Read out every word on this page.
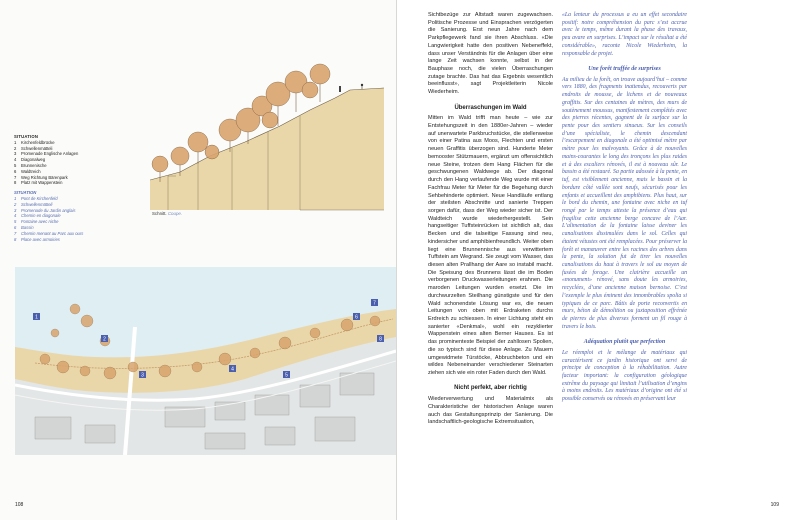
SITUATION
1 Kirchenfeldbrücke
2 Schwellenmätteli
3 Promenade Englische Anlagen
4 Diagonalweg
5 Brunnenische
6 Waldtreich
7 Weg Richtung Bärenpark
8 Platz mit Wappenstein
SITUATION
1 Pont de Kirchenfeld
2 Schwellenmätteli
3 Promenade du Jardin anglais
4 Chemin en diagonale
5 Fontaine avec niche
6 Bassin
7 Chemin menant au Parc aux ours
8 Place avec armoiries
Schnitt. Coupe.
1
2
3
4
5
6
7
8
108	109

Sichtbezüge zur Altstadt waren zugewachsen. Politische Prozesse und Einsprachen verzögerten die Sanierung. Erst neun Jahre nach dem Parkpflegewerk fand sie ihren Abschluss. «Die Langwierigkeit hatte den positiven Nebeneffekt, dass unser Verständnis für die Anlagen über eine lange Zeit wachsen konnte, selbst in der Bauphase noch, die vielen Überraschungen zutage brachte. Das hat das Ergebnis wesentlich beeinflusst», sagt Projektleiterin Nicole Wiederheim.

Überraschungen im Wald

Mitten im Wald trifft man heute – wie zur Entstehungszeit in den 1880er-Jahren – wieder auf unerwartete Parkbruchstücke, die stellenweise von einer Patina aus Moos, Flechten und ersten neuen Graffitis überzogen sind. Hunderte Meter bemooster Stützmauern, ergänzt um offensichtlich neue Steine, trotzen dem Hang Flächen für die geschwungenen Waldwege ab. Der diagonal durch den Hang verlaufende Weg wurde mit einer Fachfrau Meter für Meter für die Begehung durch Sehbehinderte optimiert. Neue Handläufe entlang der steilsten Abschnitte und sanierte Treppen sorgen dafür, dass der Weg wieder sicher ist. Der Waldteich wurde wiederhergestellt. Sein hangseitiger Tuffsteinrücken ist sichtlich alt, das Becken und die talseitige Fassung sind neu, kindersicher und amphibienfreundlich. Weiter oben liegt eine Brunnennische aus verwittertem Tuffstein am Wegrand. Sie zeugt vom Wasser, das diesen alten Prallhang der Aare so instabil macht. Die Speisung des Brunnens lässt die im Boden verborgenen Druckwasserleitungen erahnen. Die maroden Leitungen wurden ersetzt. Die im durchwurzelten Steilhang günstigste und für den Wald schonendste Lösung war es, die neuen Leitungen von oben mit Erdraketen durchs Erdreich zu schiessen. In einer Lichtung steht ein sanierter «Denkmal», wohl ein rezyklierter Wappenstein eines alten Berner Hauses. Es ist das prominenteste Beispiel der zahllosen Spolien, die so typisch sind für diese Anlage. Zu Mauern umgewidmete Türstöcke, Abbruchbeton und ein wildes Nebeneinander verschiedener Steinarten ziehen sich wie ein roter Faden durch den Wald.

Nicht perfekt, aber richtig

Wiederverwertung und Materialmix als Charakteristiche der historischen Anlage waren auch das Gestaltungsprinzip der Sanierung. Die landschaftlich-geologische Extremsituation,

«La lenteur du processus a eu un effet secondaire positif: notre compréhension du parc s’est accrue avec le temps, même durant la phase des travaux, peu avare en surprises. L’impact sur le résultat a été considérable», raconte Nicole Wiederheim, la responsable de projet.

Une forêt truffée de surprises

Au milieu de la forêt, on trouve aujourd’hui – comme vers 1880, des fragments inattendus, recouverts par endroits de mousse, de lichens et de nouveaux graffitis. Sur des centaines de mètres, des murs de soutènement moussus, manifestement complétés avec des pierres récentes, gagnent de la surface sur la pente pour des sentiers sinueux. Sur les conseils d’une spécialiste, le chemin descendant l’escarpement en diagonale a été optimisé mètre par mètre pour les malvoyants. Grâce à de nouvelles mains-courantes le long des tronçons les plus raides et à des escaliers rénovés, il est à nouveau sûr. Le bassin a été restauré. Sa partie adossée à la pente, en tuf, est visiblement ancienne, mais le bassin et la bordure côté vallée sont neufs, sécurisés pour les enfants et accueillent des amphibiens. Plus haut, sur le bord du chemin, une fontaine avec niche en tuf rongé par le temps atteste la présence d’eau qui fragilise cette ancienne berge concave de l’Aar. L’alimentation de la fontaine laisse deviner les canalisations dissimulées dans le sol. Celles qui étaient vétustes ont été remplacées. Pour préserver la forêt et manœuvrer entre les racines des arbres dans la pente, la solution fut de tirer les nouvelles canalisations du haut à travers le sol au moyen de fusées de forage. Une clairière accueille un «monument» rénové, sans doute les armoiries, recyclées, d’une ancienne maison bernoise. C’est l’exemple le plus éminent des innombrables spolia si typiques de ce parc. Bâtis de porte reconvertis en murs, béton de démolition ou juxtaposition effrénée de pierres de plus diverses forment un fil rouge à travers le bois.

Adéquation plutôt que perfection

Le réemploi et le mélange de matériaux qui caractérisent ce jardin historique ont servi de principe de conception à la réhabilitation. Autre facteur important: la configuration géologique extrême du paysage qui limitait l’utilisation d’engins à moins endroits. Les matériaux d’origine ont été si possible conservés ou rénovés en préservant leur
